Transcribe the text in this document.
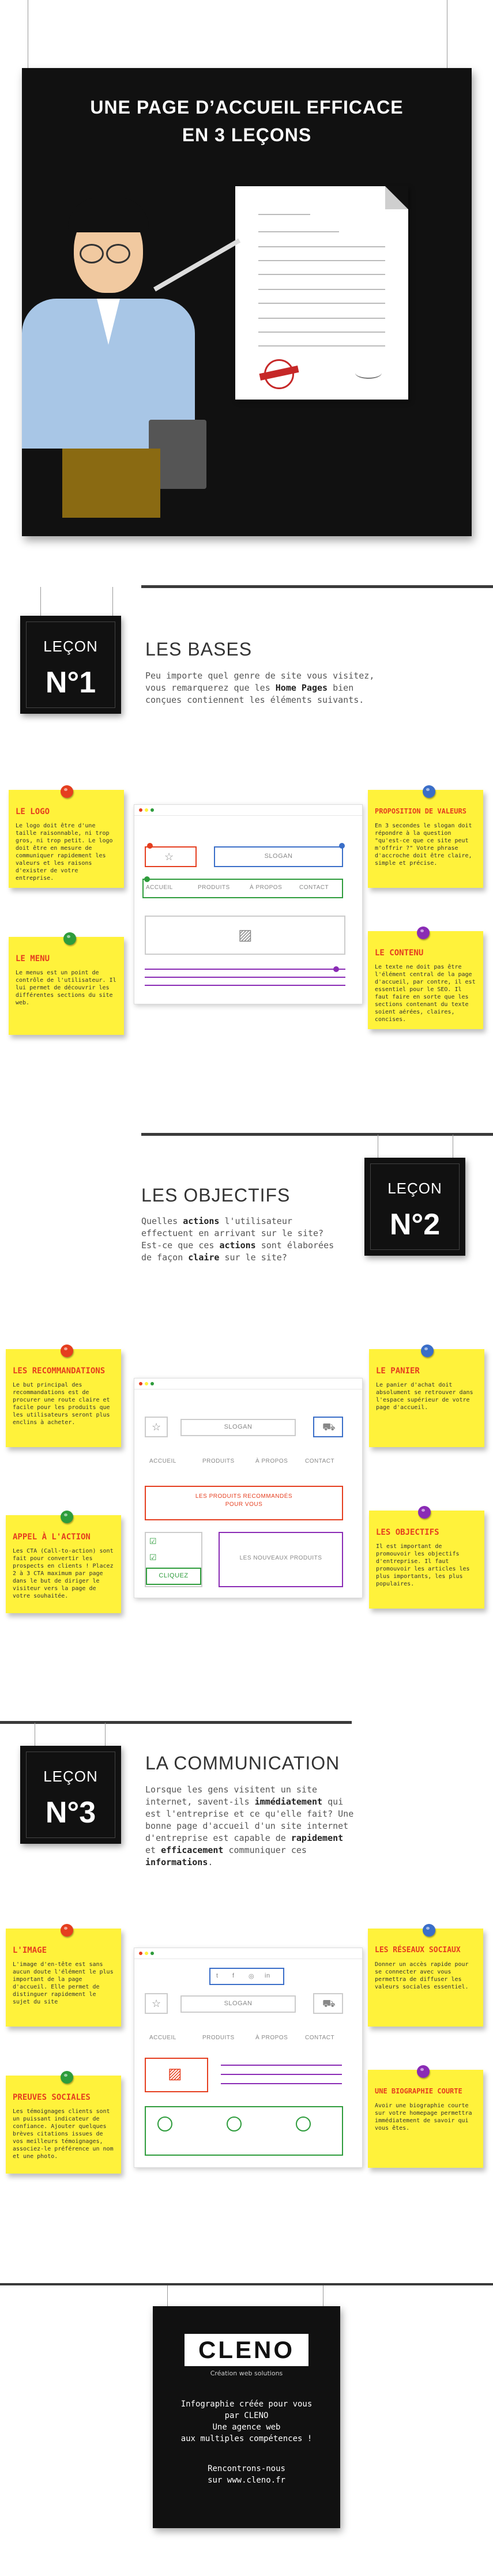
UNE PAGE D’ACCUEIL EFFICACE
EN 3 LEÇONS
1
2
3
LEÇON
N°1
LES BASES
Peu importe quel genre de site vous visitez, vous remarquerez que les Home Pages bien conçues contiennent les éléments suivants.
☆	SLOGAN
ACCUEIL	PRODUITS	À PROPOS	CONTACT
▨
LE LOGO
Le logo doit être d'une taille raisonnable, ni trop gros, ni trop petit. Le logo doit être en mesure de communiquer rapidement les valeurs et les raisons d'exister de votre entreprise.
LE MENU
Le menus est un point de contrôle de l'utilisateur. Il lui permet de découvrir les différentes sections du site web.
PROPOSITION DE VALEURS
En 3 secondes le slogan doit répondre à la question "qu'est-ce que ce site peut m'offrir ?" Votre phrase d'accroche doit être claire, simple et précise.
LE CONTENU
Le texte ne doit pas être l'élément central de la page d'accueil, par contre, il est essentiel pour le SEO. Il faut faire en sorte que les sections contenant du texte soient aérées, claires, concises.
LEÇON
N°2
LES OBJECTIFS
Quelles actions l'utilisateur effectuent en arrivant sur le site? Est-ce que ces actions sont élaborées de façon claire sur le site?
☆	SLOGAN	⛟
ACCUEIL	PRODUITS	À PROPOS	CONTACT
LES PRODUITS RECOMMANDÉS POUR VOUS
☑
☑
CLIQUEZ
LES NOUVEAUX PRODUITS
LES RECOMMANDATIONS
Le but principal des recommandations est de procurer une route claire et facile pour les produits que les utilisateurs seront plus enclins à acheter.
APPEL À L'ACTION
Les CTA (Call-to-action) sont fait pour convertir les prospects en clients ! Placez 2 à 3 CTA maximum par page dans le but de diriger le visiteur vers la page de votre souhaitée.
LE PANIER
Le panier d'achat doit absolument se retrouver dans l'espace supérieur de votre page d'accueil.
LES OBJECTIFS
Il est important de promouvoir les objectifs d'entreprise. Il faut promouvoir les articles les plus importants, les plus populaires.
LEÇON
N°3
LA COMMUNICATION
Lorsque les gens visitent un site internet, savent-ils immédiatement qui est l'entreprise et ce qu'elle fait? Une bonne page d'accueil d'un site internet d'entreprise est capable de rapidement et efficacement communiquer ces informations.
t f ◎ in
☆	SLOGAN	⛟
ACCUEIL	PRODUITS	À PROPOS	CONTACT
▨
L'IMAGE
L'image d'en-tête est sans aucun doute l'élément le plus important de la page d'accueil. Elle permet de distinguer rapidement le sujet du site
PREUVES SOCIALES
Les témoignages clients sont un puissant indicateur de confiance. Ajouter quelques brèves citations issues de vos meilleurs témoignages, associez-le préférence un nom et une photo.
LES RÉSEAUX SOCIAUX
Donner un accès rapide pour se connecter avec vous permettra de diffuser les valeurs sociales essentiel.
UNE BIOGRAPHIE COURTE
Avoir une biographie courte sur votre homepage permettra immédiatement de savoir qui vous êtes.
CLENO
Création web solutions
Infographie créée pour vous
par CLENO
Une agence web
aux multiples compétences !
Rencontrons-nous
sur www.cleno.fr
